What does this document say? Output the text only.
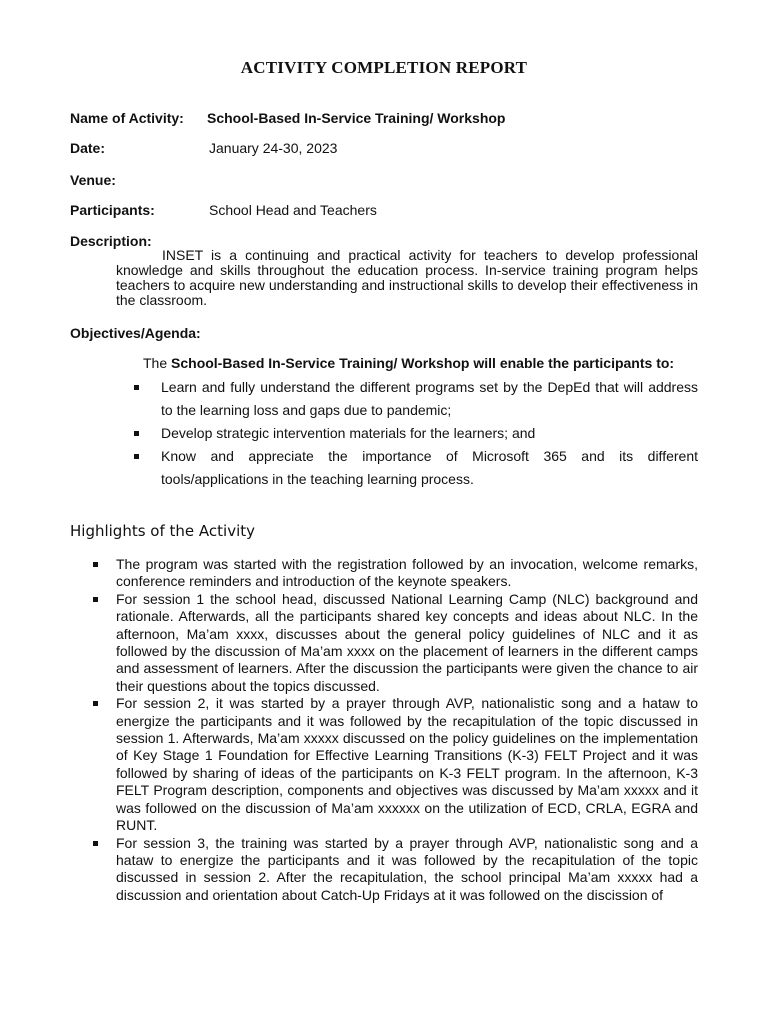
ACTIVITY COMPLETION REPORT
Name of Activity: School-Based In-Service Training/ Workshop
Date:	January 24-30, 2023
Venue:
Participants:	School Head and Teachers
Description:
INSET is a continuing and practical activity for teachers to develop professional knowledge and skills throughout the education process. In-service training program helps teachers to acquire new understanding and instructional skills to develop their effectiveness in the classroom.
Objectives/Agenda:
The School-Based In-Service Training/ Workshop will enable the participants to:
Learn and fully understand the different programs set by the DepEd that will address to the learning loss and gaps due to pandemic;
Develop strategic intervention materials for the learners; and
Know and appreciate the importance of Microsoft 365 and its different tools/applications in the teaching learning process.
Highlights of the Activity
The program was started with the registration followed by an invocation, welcome remarks, conference reminders and introduction of the keynote speakers.
For session 1 the school head, discussed National Learning Camp (NLC) background and rationale. Afterwards, all the participants shared key concepts and ideas about NLC. In the afternoon, Ma’am xxxx, discusses about the general policy guidelines of NLC and it as followed by the discussion of Ma’am xxxx on the placement of learners in the different camps and assessment of learners. After the discussion the participants were given the chance to air their questions about the topics discussed.
For session 2, it was started by a prayer through AVP, nationalistic song and a hataw to energize the participants and it was followed by the recapitulation of the topic discussed in session 1. Afterwards, Ma’am xxxxx discussed on the policy guidelines on the implementation of Key Stage 1 Foundation for Effective Learning Transitions (K-3) FELT Project and it was followed by sharing of ideas of the participants on K-3 FELT program. In the afternoon, K-3 FELT Program description, components and objectives was discussed by Ma’am xxxxx and it was followed on the discussion of Ma’am xxxxxx on the utilization of ECD, CRLA, EGRA and RUNT.
For session 3, the training was started by a prayer through AVP, nationalistic song and a hataw to energize the participants and it was followed by the recapitulation of the topic discussed in session 2. After the recapitulation, the school principal Ma’am xxxxx had a discussion and orientation about Catch-Up Fridays at it was followed on the discission of
